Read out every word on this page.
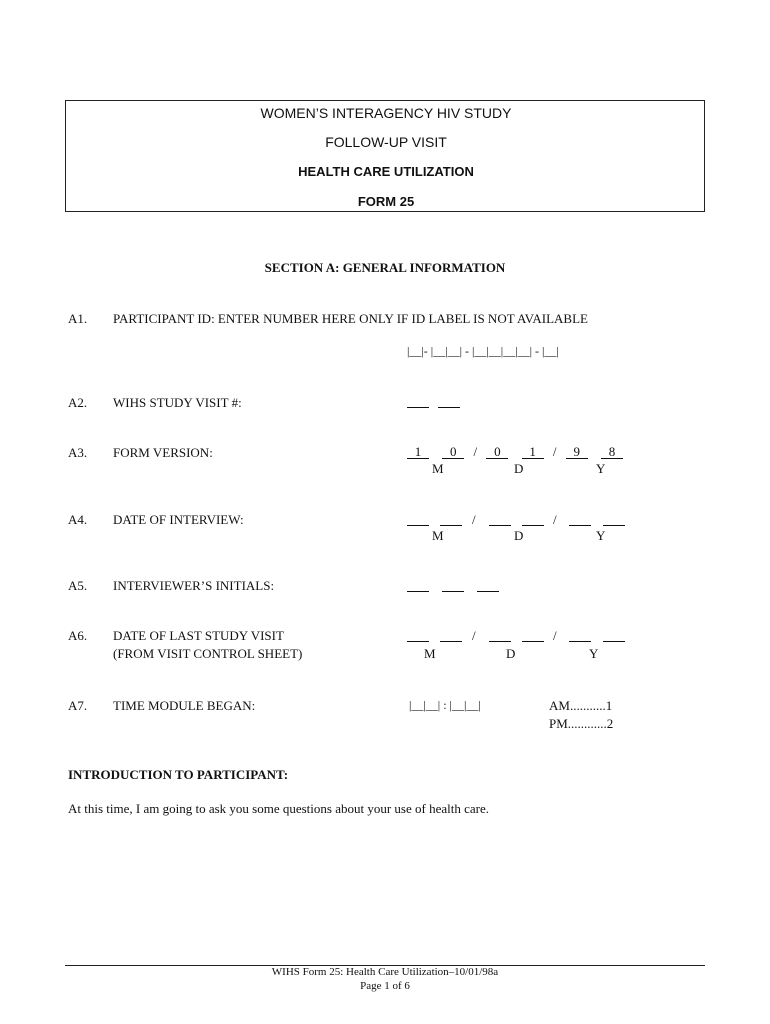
WOMEN’S INTERAGENCY HIV STUDY
FOLLOW-UP VISIT
HEALTH CARE UTILIZATION
FORM 25
SECTION A: GENERAL INFORMATION
A1. PARTICIPANT ID: ENTER NUMBER HERE ONLY IF ID LABEL IS NOT AVAILABLE
|__|- |__|__| - |__|__|__|__| - |__|
A2. WIHS STUDY VISIT #:
A3. FORM VERSION:	1 0 / 0 1 / 9 8
M	D	Y
A4. DATE OF INTERVIEW:	/	/
M	D	Y
A5. INTERVIEWER’S INITIALS:
A6. DATE OF LAST STUDY VISIT
(FROM VISIT CONTROL SHEET)
/	/
M	D	Y
A7. TIME MODULE BEGAN:	|__|__| : |__|__|	AM...........1
PM............2
INTRODUCTION TO PARTICIPANT:
At this time, I am going to ask you some questions about your use of health care.
WIHS Form 25: Health Care Utilization–10/01/98a
Page 1 of 6
